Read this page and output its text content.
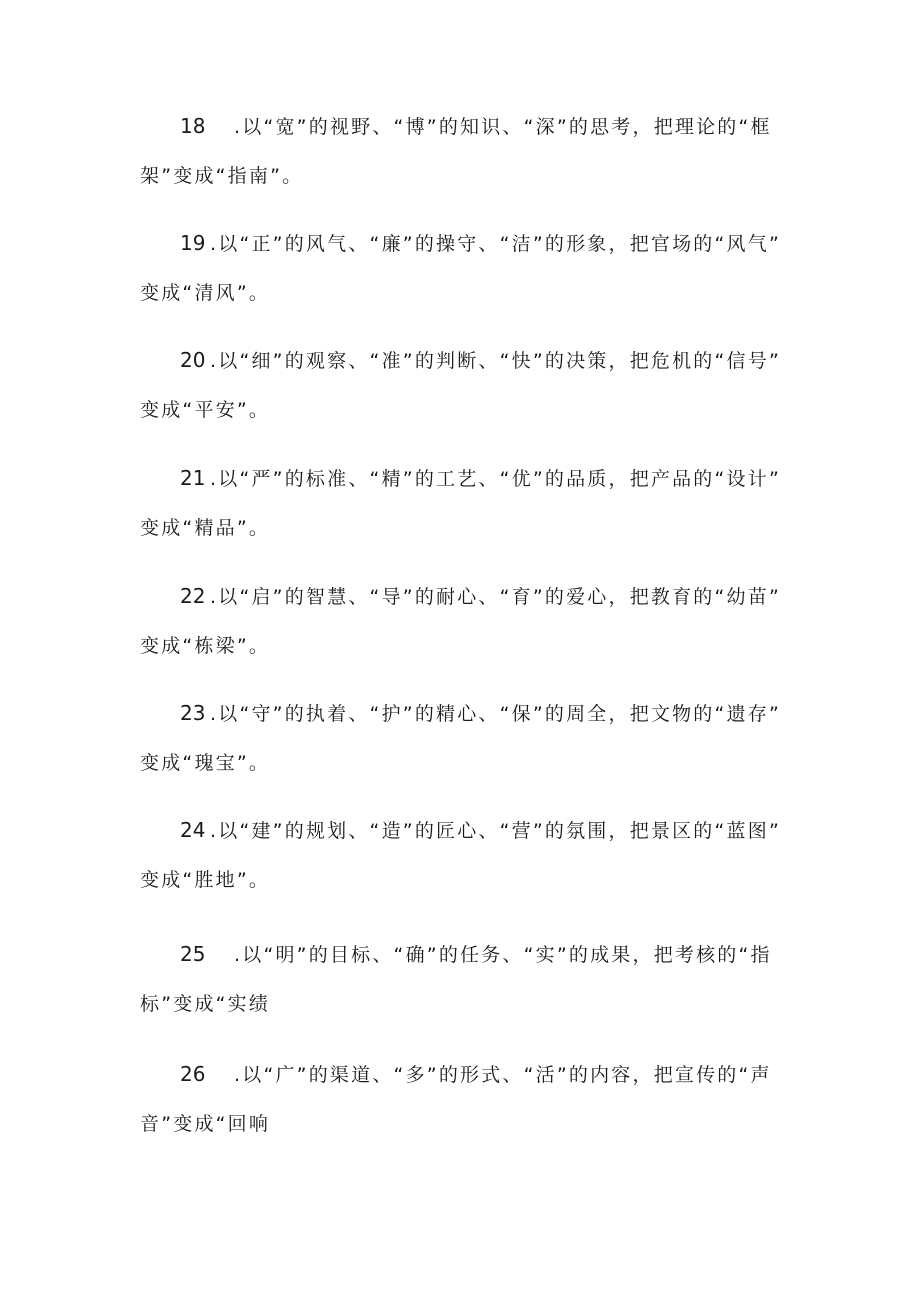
18 .以“宽”的视野、“博”的知识、“深”的思考，把理论的“框
架”变成“指南”。
19 .以“正”的风气、“廉”的操守、“洁”的形象，把官场的“风气”
变成“清风”。
20 .以“细”的观察、“准”的判断、“快”的决策，把危机的“信号”
变成“平安”。
21 .以“严”的标准、“精”的工艺、“优”的品质，把产品的“设计”
变成“精品”。
22 .以“启”的智慧、“导”的耐心、“育”的爱心，把教育的“幼苗”
变成“栋梁”。
23 .以“守”的执着、“护”的精心、“保”的周全，把文物的“遗存”
变成“瑰宝”。
24 .以“建”的规划、“造”的匠心、“营”的氛围，把景区的“蓝图”
变成“胜地”。
25 .以“明”的目标、“确”的任务、“实”的成果，把考核的“指
标”变成“实绩
26 .以“广”的渠道、“多”的形式、“活”的内容，把宣传的“声
音”变成“回响
